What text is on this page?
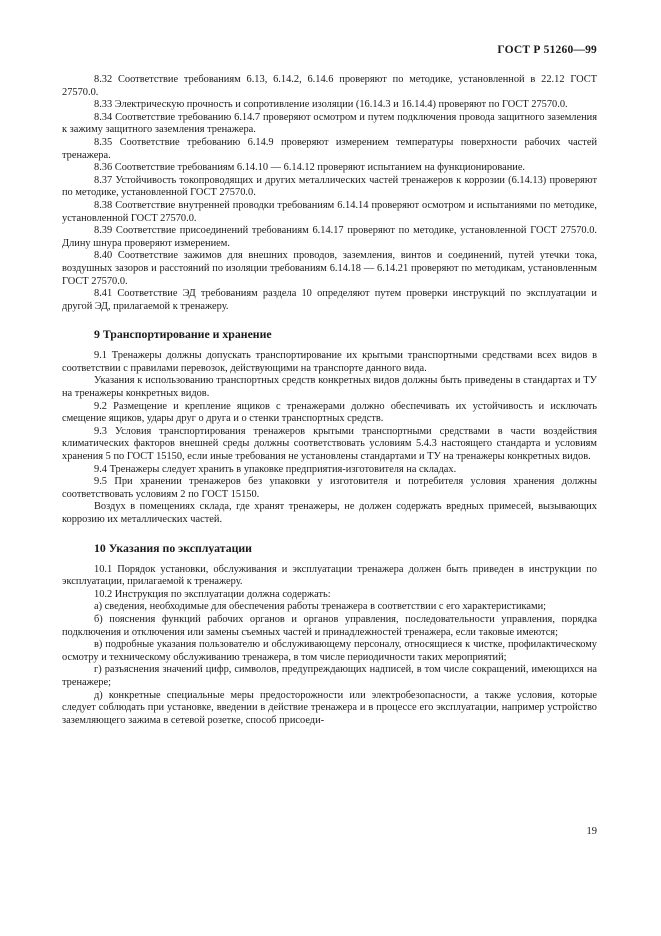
ГОСТ Р 51260—99

8.32 Соответствие требованиям 6.13, 6.14.2, 6.14.6 проверяют по методике, установленной в 22.12 ГОСТ 27570.0.

8.33 Электрическую прочность и сопротивление изоляции (16.14.3 и 16.14.4) проверяют по ГОСТ 27570.0.

8.34 Соответствие требованию 6.14.7 проверяют осмотром и путем подключения провода защитного заземления к зажиму защитного заземления тренажера.

8.35 Соответствие требованию 6.14.9 проверяют измерением температуры поверхности рабочих частей тренажера.

8.36 Соответствие требованиям 6.14.10 — 6.14.12 проверяют испытанием на функционирование.

8.37 Устойчивость токопроводящих и других металлических частей тренажеров к коррозии (6.14.13) проверяют по методике, установленной ГОСТ 27570.0.

8.38 Соответствие внутренней проводки требованиям 6.14.14 проверяют осмотром и испытаниями по методике, установленной ГОСТ 27570.0.

8.39 Соответствие присоединений требованиям 6.14.17 проверяют по методике, установленной ГОСТ 27570.0. Длину шнура проверяют измерением.

8.40 Соответствие зажимов для внешних проводов, заземления, винтов и соединений, путей утечки тока, воздушных зазоров и расстояний по изоляции требованиям 6.14.18 — 6.14.21 проверяют по методикам, установленным ГОСТ 27570.0.

8.41 Соответствие ЭД требованиям раздела 10 определяют путем проверки инструкций по эксплуатации и другой ЭД, прилагаемой к тренажеру.

9 Транспортирование и хранение

9.1 Тренажеры должны допускать транспортирование их крытыми транспортными средствами всех видов в соответствии с правилами перевозок, действующими на транспорте данного вида.

Указания к использованию транспортных средств конкретных видов должны быть приведены в стандартах и ТУ на тренажеры конкретных видов.

9.2 Размещение и крепление ящиков с тренажерами должно обеспечивать их устойчивость и исключать смещение ящиков, удары друг о друга и о стенки транспортных средств.

9.3 Условия транспортирования тренажеров крытыми транспортными средствами в части воздействия климатических факторов внешней среды должны соответствовать условиям 5.4.3 настоящего стандарта и условиям хранения 5 по ГОСТ 15150, если иные требования не установлены стандартами и ТУ на тренажеры конкретных видов.

9.4 Тренажеры следует хранить в упаковке предприятия-изготовителя на складах.

9.5 При хранении тренажеров без упаковки у изготовителя и потребителя условия хранения должны соответствовать условиям 2 по ГОСТ 15150.

Воздух в помещениях склада, где хранят тренажеры, не должен содержать вредных примесей, вызывающих коррозию их металлических частей.

10 Указания по эксплуатации

10.1 Порядок установки, обслуживания и эксплуатации тренажера должен быть приведен в инструкции по эксплуатации, прилагаемой к тренажеру.

10.2 Инструкция по эксплуатации должна содержать:

а) сведения, необходимые для обеспечения работы тренажера в соответствии с его характеристиками;

б) пояснения функций рабочих органов и органов управления, последовательности управления, порядка подключения и отключения или замены съемных частей и принадлежностей тренажера, если таковые имеются;

в) подробные указания пользователю и обслуживающему персоналу, относящиеся к чистке, профилактическому осмотру и техническому обслуживанию тренажера, в том числе периодичности таких мероприятий;

г) разъяснения значений цифр, символов, предупреждающих надписей, в том числе сокращений, имеющихся на тренажере;

д) конкретные специальные меры предосторожности или электробезопасности, а также условия, которые следует соблюдать при установке, введении в действие тренажера и в процессе его эксплуатации, например устройство заземляющего зажима в сетевой розетке, способ присоеди-

19
